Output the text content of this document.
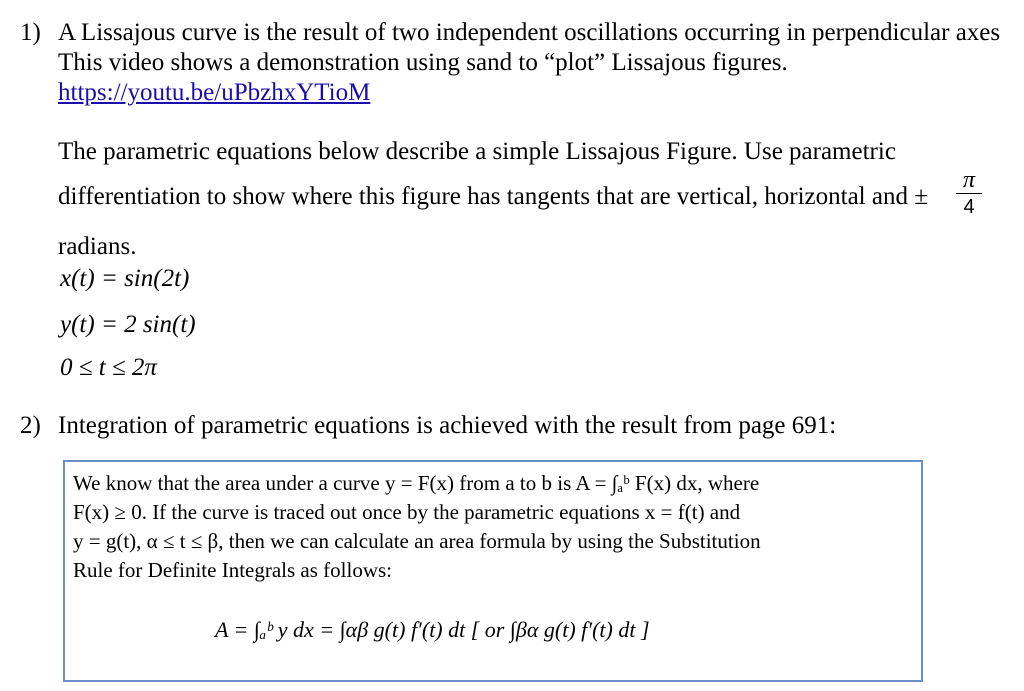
1) A Lissajous curve is the result of two independent oscillations occurring in perpendicular axes
This video shows a demonstration using sand to “plot” Lissajous figures.
https://youtu.be/uPbzhxYTioM
The parametric equations below describe a simple Lissajous Figure. Use parametric
differentiation to show where this figure has tangents that are vertical, horizontal and ±
π
4
radians.
x(t) = sin(2t)
y(t) = 2 sin(t)
0 ≤ t ≤ 2π
2) Integration of parametric equations is achieved with the result from page 691:
We know that the area under a curve y = F(x) from a to b is A = ∫ₐᵇ F(x) dx, where
F(x) ≥ 0. If the curve is traced out once by the parametric equations x = f(t) and
y = g(t), α ≤ t ≤ β, then we can calculate an area formula by using the Substitution
Rule for Definite Integrals as follows:
A = ∫ₐᵇ y dx = ∫αβ g(t) f′(t) dt [ or ∫βα g(t) f′(t) dt ]
